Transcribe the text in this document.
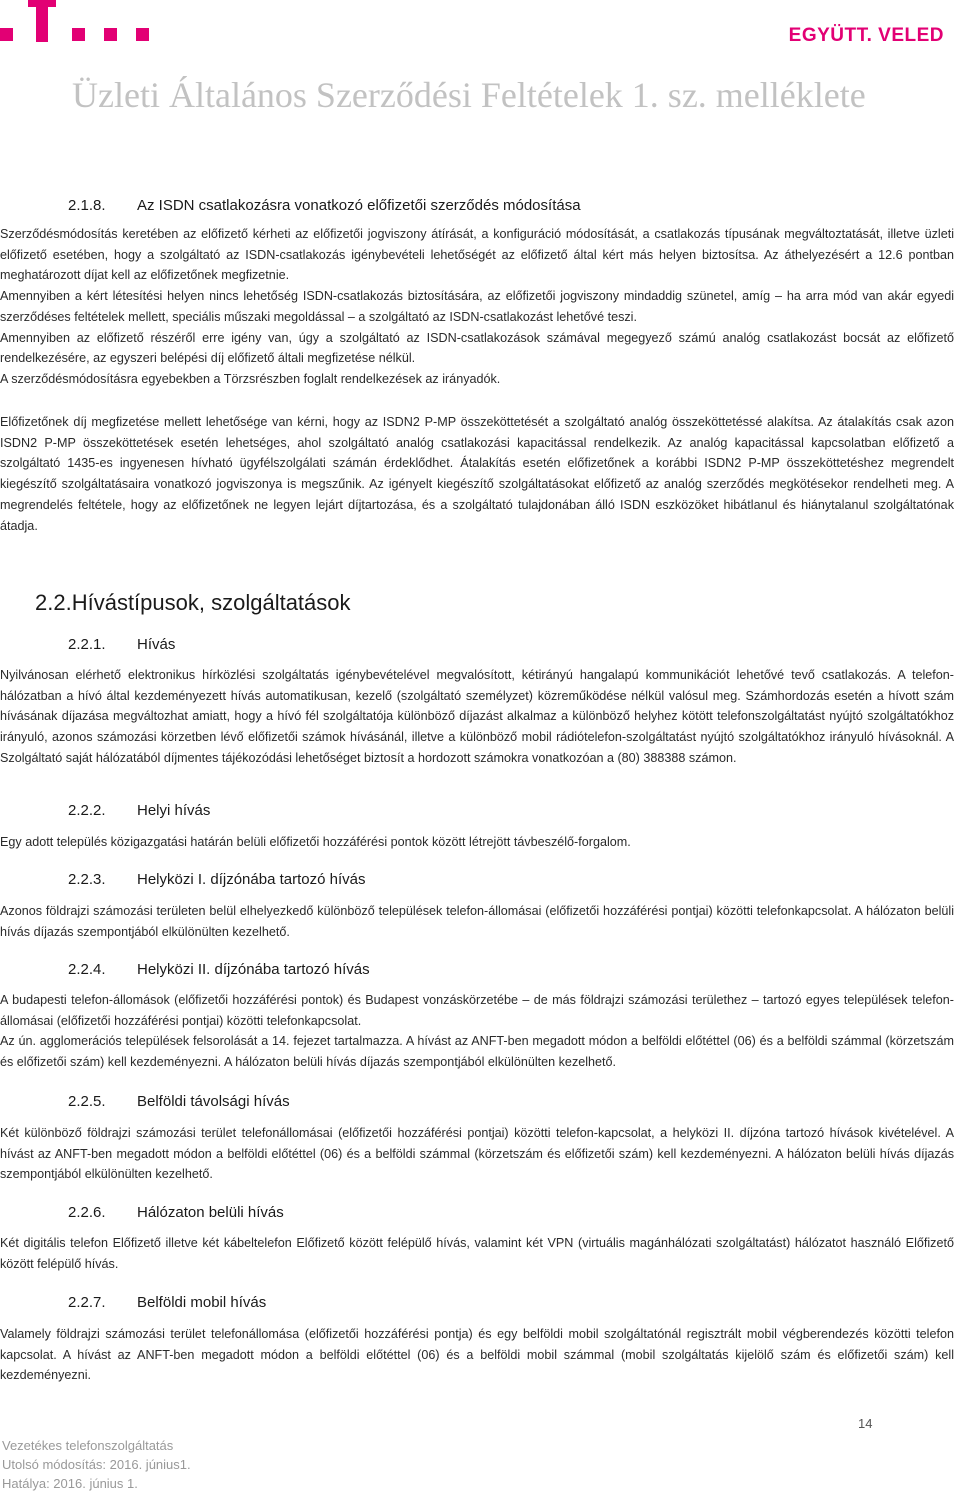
EGYÜTT. VELED
Üzleti Általános Szerződési Feltételek 1. sz. melléklete
2.1.8. Az ISDN csatlakozásra vonatkozó előfizetői szerződés módosítása

Szerződésmódosítás keretében az előfizető kérheti az előfizetői jogviszony átírását, a konfiguráció módosítását, a csatlakozás típusának megváltoztatását, illetve üzleti előfizető esetében, hogy a szolgáltató az ISDN-csatlakozás igénybevételi lehetőségét az előfizető által kért más helyen biztosítsa. Az áthelyezésért a 12.6 pontban meghatározott díjat kell az előfizetőnek megfizetnie.

Amennyiben a kért létesítési helyen nincs lehetőség ISDN-csatlakozás biztosítására, az előfizetői jogviszony mindaddig szünetel, amíg – ha arra mód van akár egyedi szerződéses feltételek mellett, speciális műszaki megoldással – a szolgáltató az ISDN-csatlakozást lehetővé teszi.

Amennyiben az előfizető részéről erre igény van, úgy a szolgáltató az ISDN-csatlakozások számával megegyező számú analóg csatlakozást bocsát az előfizető rendelkezésére, az egyszeri belépési díj előfizető általi megfizetése nélkül.

A szerződésmódosításra egyebekben a Törzsrészben foglalt rendelkezések az irányadók.

Előfizetőnek díj megfizetése mellett lehetősége van kérni, hogy az ISDN2 P-MP összeköttetését a szolgáltató analóg összeköttetéssé alakítsa. Az átalakítás csak azon ISDN2 P-MP összeköttetések esetén lehetséges, ahol szolgáltató analóg csatlakozási kapacitással rendelkezik. Az analóg kapacitással kapcsolatban előfizető a szolgáltató 1435-es ingyenesen hívható ügyfélszolgálati számán érdeklődhet. Átalakítás esetén előfizetőnek a korábbi ISDN2 P-MP összeköttetéshez megrendelt kiegészítő szolgáltatásaira vonatkozó jogviszonya is megszűnik. Az igényelt kiegészítő szolgáltatásokat előfizető az analóg szerződés megkötésekor rendelheti meg. A megrendelés feltétele, hogy az előfizetőnek ne legyen lejárt díjtartozása, és a szolgáltató tulajdonában álló ISDN eszközöket hibátlanul és hiánytalanul szolgáltatónak átadja.

2.2.Hívástípusok, szolgáltatások
2.2.1. Hívás

Nyilvánosan elérhető elektronikus hírközlési szolgáltatás igénybevételével megvalósított, kétirányú hangalapú kommunikációt lehetővé tevő csatlakozás. A telefon-hálózatban a hívó által kezdeményezett hívás automatikusan, kezelő (szolgáltató személyzet) közreműködése nélkül valósul meg. Számhordozás esetén a hívott szám hívásának díjazása megváltozhat amiatt, hogy a hívó fél szolgáltatója különböző díjazást alkalmaz a különböző helyhez kötött telefonszolgáltatást nyújtó szolgáltatókhoz irányuló, azonos számozási körzetben lévő előfizetői számok hívásánál, illetve a különböző mobil rádiótelefon-szolgáltatást nyújtó szolgáltatókhoz irányuló hívásoknál. A Szolgáltató saját hálózatából díjmentes tájékozódási lehetőséget biztosít a hordozott számokra vonatkozóan a (80) 388388 számon.

2.2.2. Helyi hívás

Egy adott település közigazgatási határán belüli előfizetői hozzáférési pontok között létrejött távbeszélő-forgalom.

2.2.3. Helyközi I. díjzónába tartozó hívás

Azonos földrajzi számozási területen belül elhelyezkedő különböző települések telefon-állomásai (előfizetői hozzáférési pontjai) közötti telefonkapcsolat. A hálózaton belüli hívás díjazás szempontjából elkülönülten kezelhető.

2.2.4. Helyközi II. díjzónába tartozó hívás

A budapesti telefon-állomások (előfizetői hozzáférési pontok) és Budapest vonzáskörzetébe – de más földrajzi számozási területhez – tartozó egyes települések telefon-állomásai (előfizetői hozzáférési pontjai) közötti telefonkapcsolat.

Az ún. agglomerációs települések felsorolását a 14. fejezet tartalmazza. A hívást az ANFT-ben megadott módon a belföldi előtéttel (06) és a belföldi számmal (körzetszám és előfizetői szám) kell kezdeményezni. A hálózaton belüli hívás díjazás szempontjából elkülönülten kezelhető.

2.2.5. Belföldi távolsági hívás

Két különböző földrajzi számozási terület telefonállomásai (előfizetői hozzáférési pontjai) közötti telefon-kapcsolat, a helyközi II. díjzóna tartozó hívások kivételével. A hívást az ANFT-ben megadott módon a belföldi előtéttel (06) és a belföldi számmal (körzetszám és előfizetői szám) kell kezdeményezni. A hálózaton belüli hívás díjazás szempontjából elkülönülten kezelhető.

2.2.6. Hálózaton belüli hívás

Két digitális telefon Előfizető illetve két kábeltelefon Előfizető között felépülő hívás, valamint két VPN (virtuális magánhálózati szolgáltatást) hálózatot használó Előfizető között felépülő hívás.

2.2.7. Belföldi mobil hívás

Valamely földrajzi számozási terület telefonállomása (előfizetői hozzáférési pontja) és egy belföldi mobil szolgáltatónál regisztrált mobil végberendezés közötti telefon kapcsolat. A hívást az ANFT-ben megadott módon a belföldi előtéttel (06) és a belföldi mobil számmal (mobil szolgáltatás kijelölő szám és előfizetői szám) kell kezdeményezni.

14
Vezetékes telefonszolgáltatás
Utolsó módosítás: 2016. június1.
Hatálya: 2016. június 1.
